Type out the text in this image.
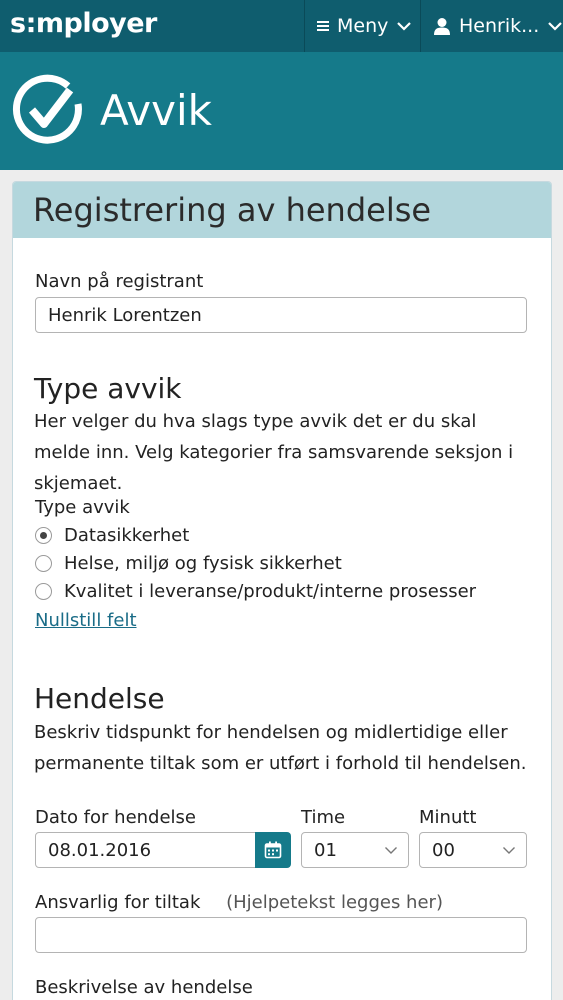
s:mployer	Meny	Henrik...
Avvik
Registrering av hendelse
Navn på registrant
Henrik Lorentzen
Type avvik

Her velger du hva slags type avvik det er du skal melde inn. Velg kategorier fra samsvarende seksjon i skjemaet.

Type avvik
Datasikkerhet
Helse, miljø og fysisk sikkerhet
Kvalitet i leveranse/produkt/interne prosesser
Nullstill felt
Hendelse

Beskriv tidspunkt for hendelsen og midlertidige eller permanente tiltak som er utført i forhold til hendelsen.

Dato for hendelse
08.01.2016
Time
01
Minutt
00
Ansvarlig for tiltak (Hjelpetekst legges her)
Beskrivelse av hendelse
